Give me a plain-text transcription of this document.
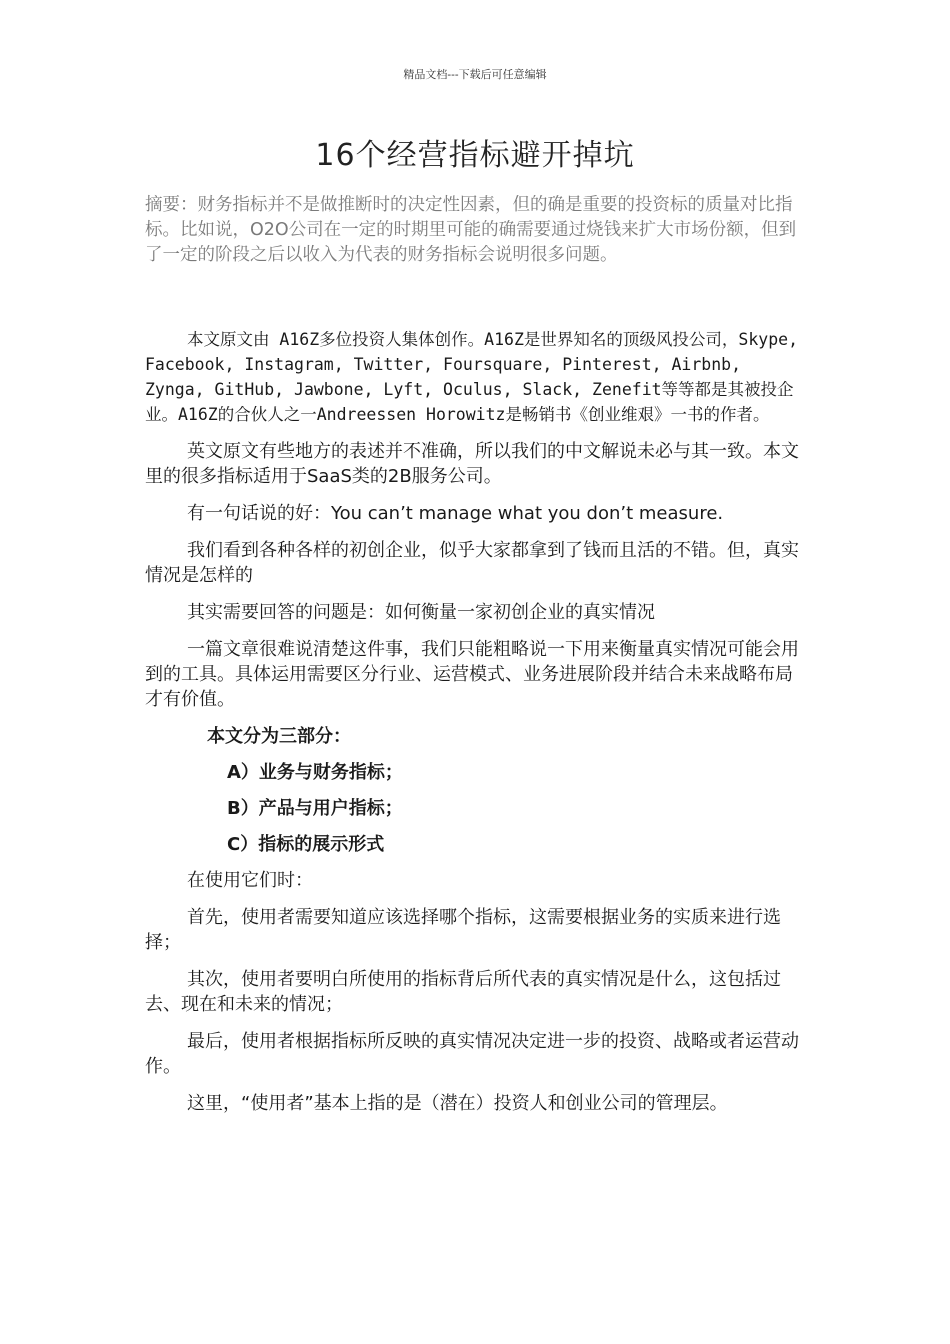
精品文档---下载后可任意编辑
16个经营指标避开掉坑
摘要：财务指标并不是做推断时的决定性因素，但的确是重要的投资标的质量对比指标。比如说，O2O公司在一定的时期里可能的确需要通过烧钱来扩大市场份额，但到了一定的阶段之后以收入为代表的财务指标会说明很多问题。

本文原文由 A16Z多位投资人集体创作。A16Z是世界知名的顶级风投公司，Skype, Facebook, Instagram, Twitter, Foursquare, Pinterest, Airbnb, Zynga, GitHub, Jawbone, Lyft, Oculus, Slack, Zenefit等等都是其被投企业。A16Z的合伙人之一Andreessen Horowitz是畅销书《创业维艰》一书的作者。

英文原文有些地方的表述并不准确，所以我们的中文解说未必与其一致。本文里的很多指标适用于SaaS类的2B服务公司。

有一句话说的好：You can’t manage what you don’t measure.

我们看到各种各样的初创企业，似乎大家都拿到了钱而且活的不错。但，真实情况是怎样的

其实需要回答的问题是：如何衡量一家初创企业的真实情况

一篇文章很难说清楚这件事，我们只能粗略说一下用来衡量真实情况可能会用到的工具。具体运用需要区分行业、运营模式、业务进展阶段并结合未来战略布局才有价值。

本文分为三部分：

A）业务与财务指标；

B）产品与用户指标；

C）指标的展示形式

在使用它们时：

首先，使用者需要知道应该选择哪个指标，这需要根据业务的实质来进行选择；

其次，使用者要明白所使用的指标背后所代表的真实情况是什么，这包括过去、现在和未来的情况；

最后，使用者根据指标所反映的真实情况决定进一步的投资、战略或者运营动作。

这里，“使用者”基本上指的是（潜在）投资人和创业公司的管理层。
